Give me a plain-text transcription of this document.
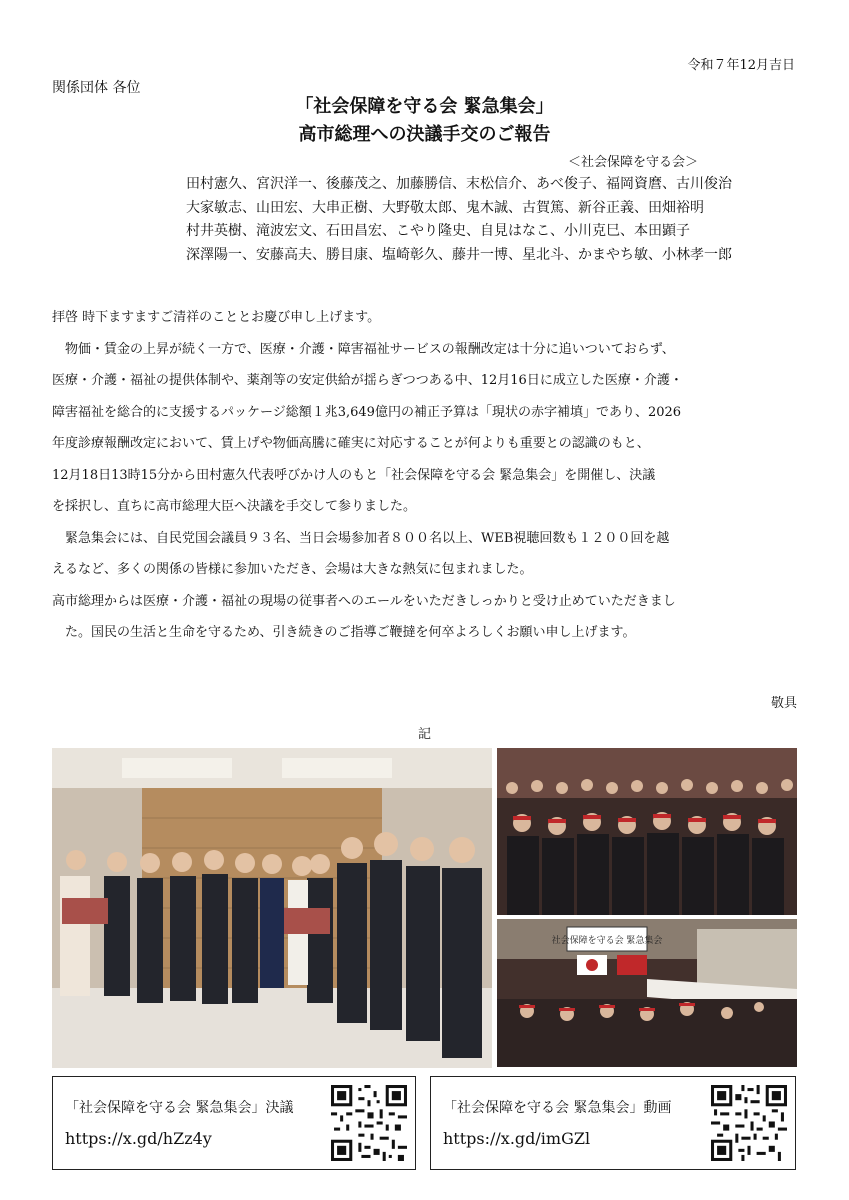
令和７年12月吉日
関係団体 各位
「社会保障を守る会 緊急集会」
高市総理への決議手交のご報告
＜社会保障を守る会＞
田村憲久、宮沢洋一、後藤茂之、加藤勝信、末松信介、あべ俊子、福岡資麿、古川俊治
大家敏志、山田宏、大串正樹、大野敬太郎、鬼木誠、古賀篤、新谷正義、田畑裕明
村井英樹、滝波宏文、石田昌宏、こやり隆史、自見はなこ、小川克巳、本田顕子
深澤陽一、安藤高夫、勝目康、塩崎彰久、藤井一博、星北斗、かまやち敏、小林孝一郎
拝啓 時下ますますご清祥のこととお慶び申し上げます。
物価・賃金の上昇が続く一方で、医療・介護・障害福祉サービスの報酬改定は十分に追いついておらず、
医療・介護・福祉の提供体制や、薬剤等の安定供給が揺らぎつつある中、12月16日に成立した医療・介護・
障害福祉を総合的に支援するパッケージ総額１兆3,649億円の補正予算は「現状の赤字補填」であり、2026
年度診療報酬改定において、賃上げや物価高騰に確実に対応することが何よりも重要との認識のもと、
12月18日13時15分から田村憲久代表呼びかけ人のもと「社会保障を守る会 緊急集会」を開催し、決議
を採択し、直ちに高市総理大臣へ決議を手交して参りました。
緊急集会には、自民党国会議員９３名、当日会場参加者８００名以上、WEB視聴回数も１２００回を越
えるなど、多くの関係の皆様に参加いただき、会場は大きな熱気に包まれました。
高市総理からは医療・介護・福祉の現場の従事者へのエールをいただきしっかりと受け止めていただきまし
た。国民の生活と生命を守るため、引き続きのご指導ご鞭撻を何卒よろしくお願い申し上げます。
敬具
記
社会保障を守る会 緊急集会
「社会保障を守る会 緊急集会」決議
https://x.gd/hZz4y
「社会保障を守る会 緊急集会」動画
https://x.gd/imGZl
